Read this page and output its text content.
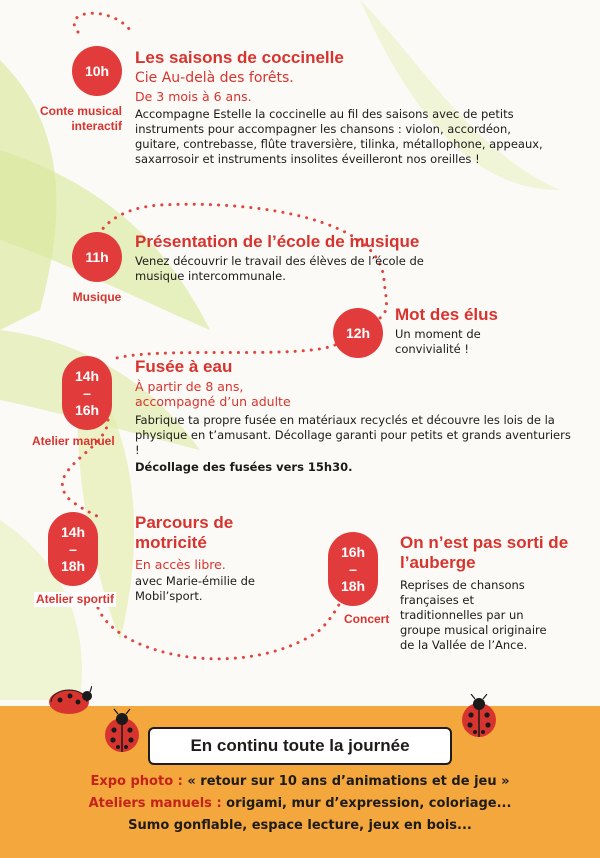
10h
Conte musical interactif
Les saisons de coccinelle
Cie Au-delà des forêts.
De 3 mois à 6 ans.
Accompagne Estelle la coccinelle au fil des saisons avec de petits instruments pour accompagner les chansons : violon, accordéon, guitare, contrebasse, flûte traversière, tilinka, métallophone, appeaux, saxarrosoir et instruments insolites éveilleront nos oreilles !
11h
Musique
Présentation de l’école de musique
Venez découvrir le travail des élèves de l’école de musique intercommunale.
12h
Mot des élus
Un moment de convivialité !
14h
–
16h
Atelier manuel
Fusée à eau
À partir de 8 ans, accompagné d’un adulte
Fabrique ta propre fusée en matériaux recyclés et découvre les lois de la physique en t’amusant. Décollage garanti pour petits et grands aventuriers !
Décollage des fusées vers 15h30.
14h
–
18h
Atelier sportif
Parcours de motricité
En accès libre.
avec Marie-émilie de Mobil’sport.
16h
–
18h
Concert
On n’est pas sorti de l’auberge
Reprises de chansons françaises et traditionnelles par un groupe musical originaire de la Vallée de l’Ance.
En continu toute la journée
Expo photo : « retour sur 10 ans d’animations et de jeu »
Ateliers manuels : origami, mur d’expression, coloriage...
Sumo gonflable, espace lecture, jeux en bois...
